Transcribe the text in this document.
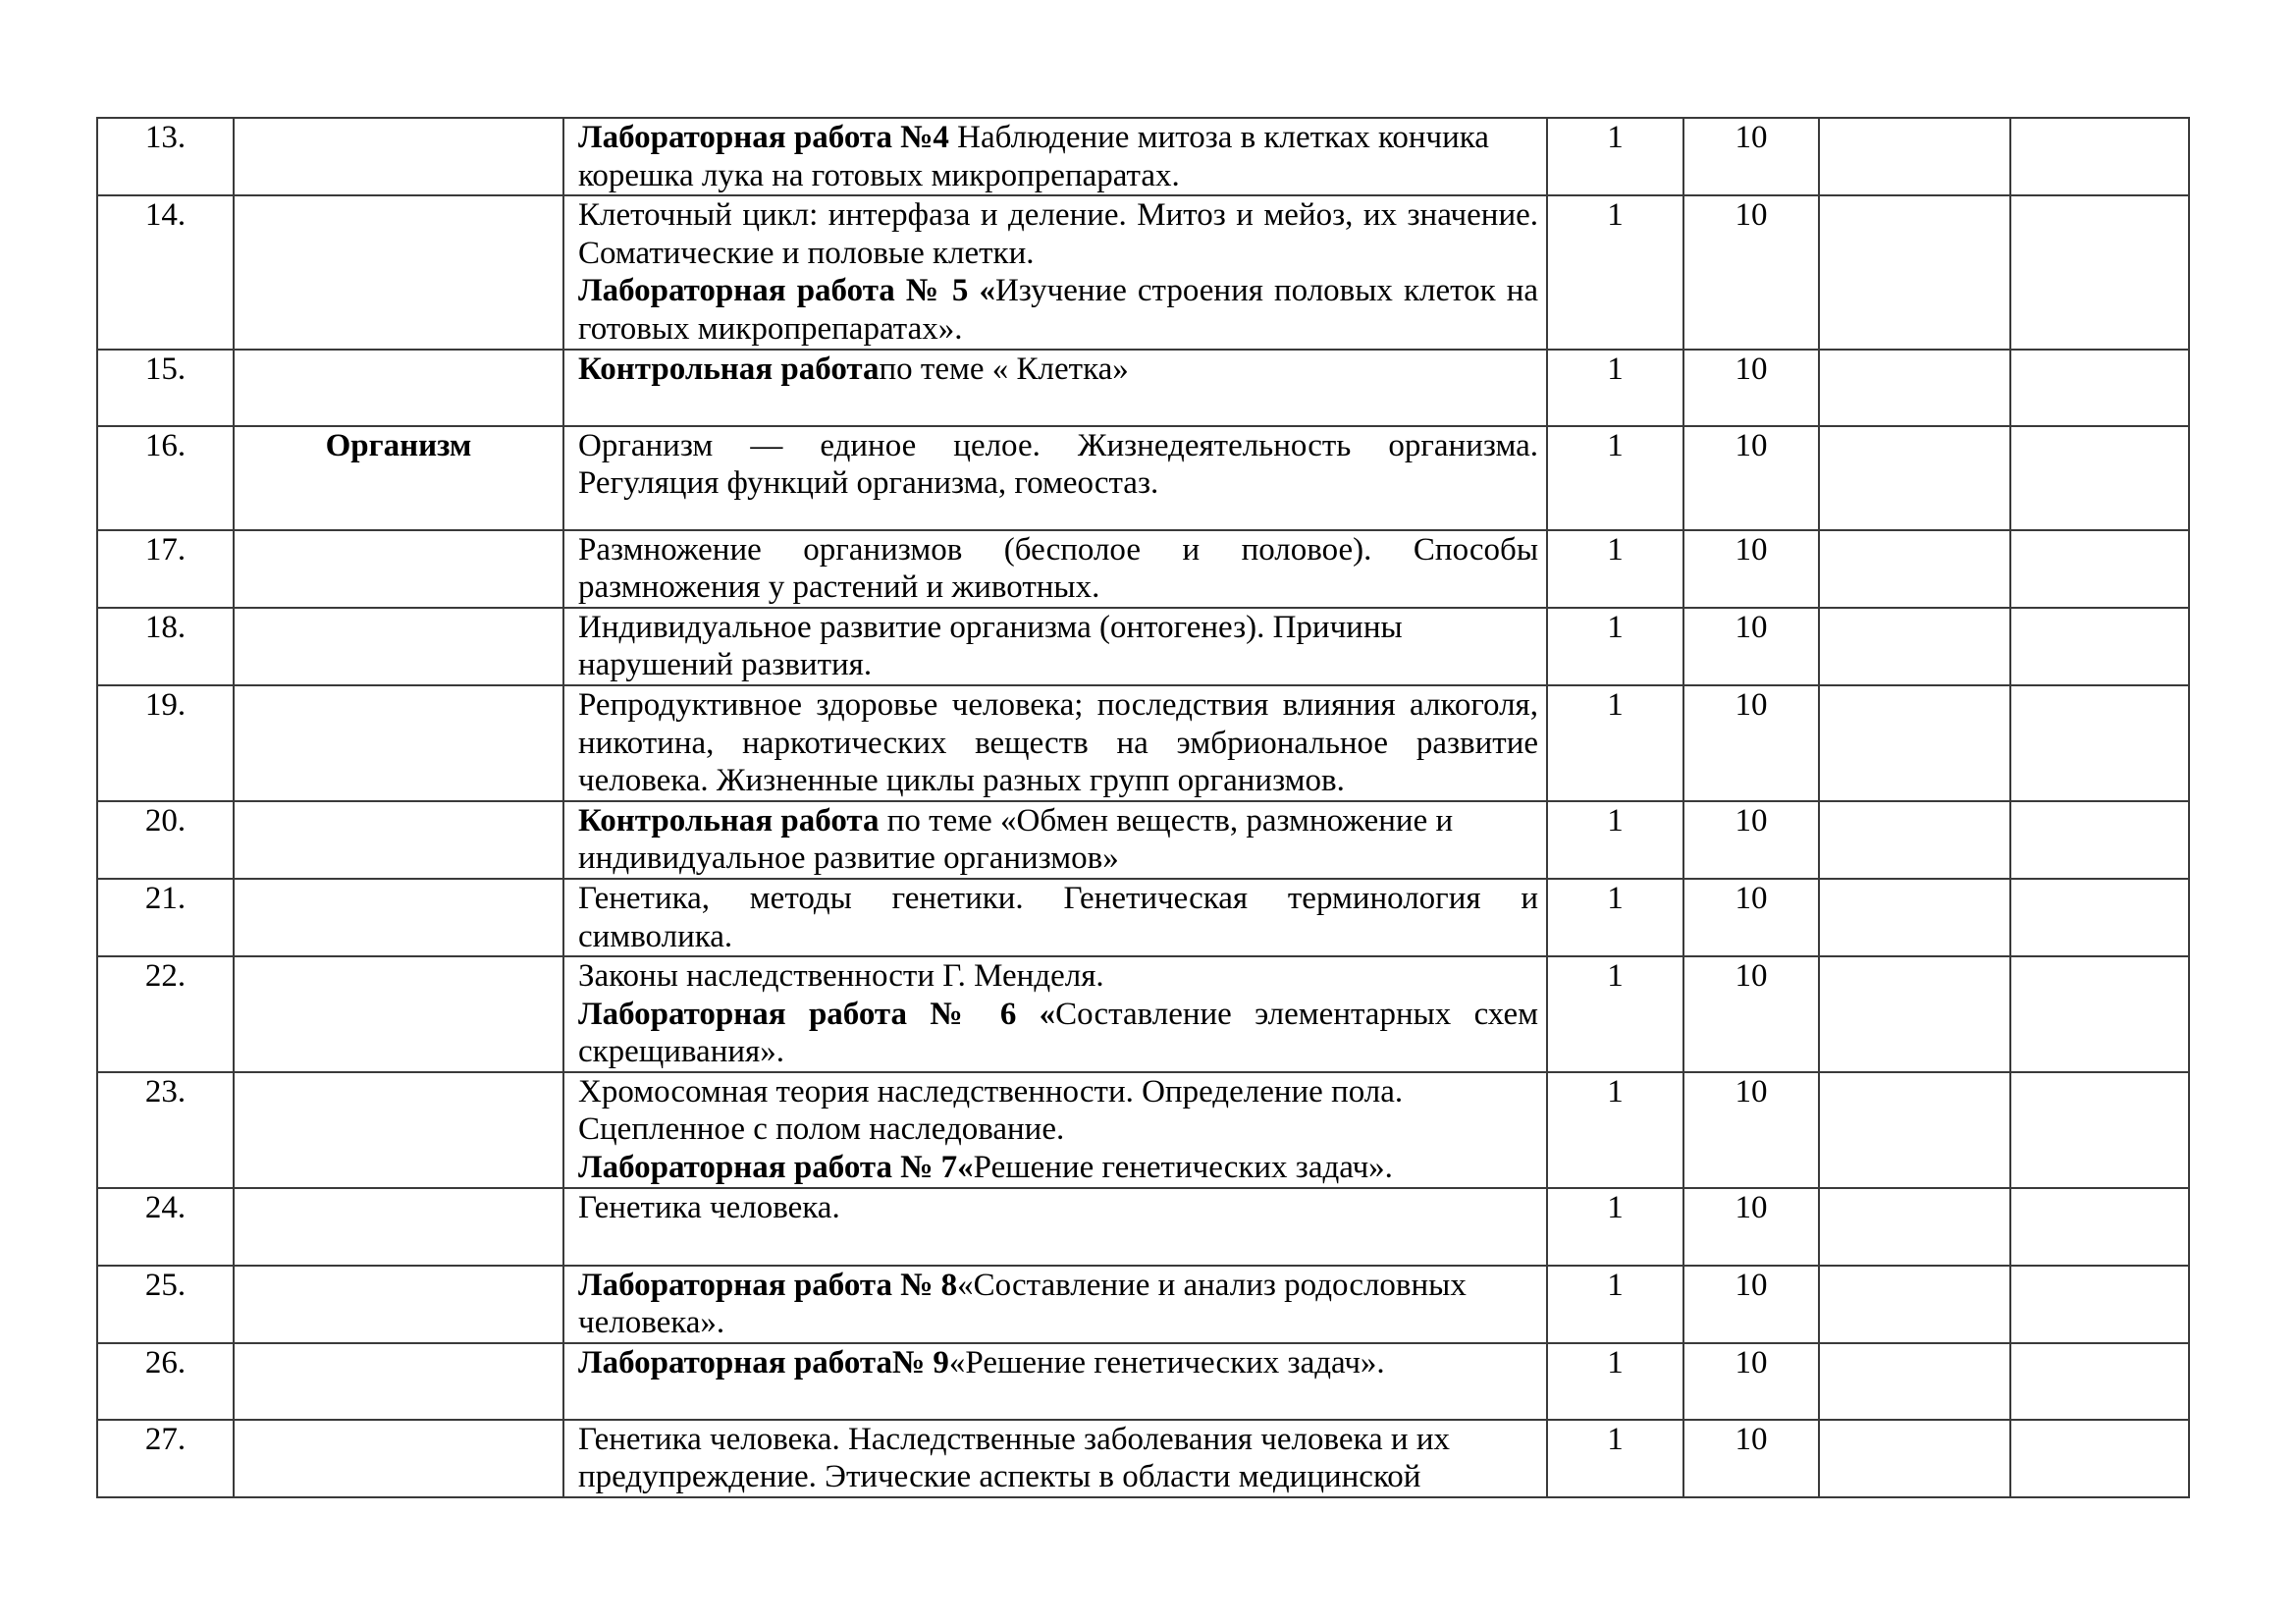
13.		Лабораторная работа №4 Наблюдение митоза в клетках кончика
корешка лука на готовых микропрепаратах.	1	10		
14.		Клеточный цикл: интерфаза и деление. Митоз и мейоз, их значение.
Соматические и половые клетки.
Лабораторная работа № 5 «Изучение строения половых клеток на
готовых микропрепаратах».	1	10		
15.		Контрольная работапо теме « Клетка»	1	10		
16.	Организм	Организм — единое целое. Жизнедеятельность организма.
Регуляция функций организма, гомеостаз.	1	10		
17.		Размножение организмов (бесполое и половое). Способы
размножения у растений и животных.	1	10		
18.		Индивидуальное развитие организма (онтогенез). Причины
нарушений развития.	1	10		
19.		Репродуктивное здоровье человека; последствия влияния алкоголя,
никотина, наркотических веществ на эмбриональное развитие
человека. Жизненные циклы разных групп организмов.	1	10		
20.		Контрольная работа по теме «Обмен веществ, размножение и
индивидуальное развитие организмов»	1	10		
21.		Генетика, методы генетики. Генетическая терминология и
символика.	1	10		
22.		Законы наследственности Г. Менделя.
Лабораторная работа № 6 «Составление элементарных схем
скрещивания».	1	10		
23.		Хромосомная теория наследственности. Определение пола.
Сцепленное с полом наследование.
Лабораторная работа № 7«Решение генетических задач».	1	10		
24.		Генетика человека.	1	10		
25.		Лабораторная работа № 8«Составление и анализ родословных
человека».	1	10		
26.		Лабораторная работа№ 9«Решение генетических задач».	1	10		
27.		Генетика человека. Наследственные заболевания человека и их
предупреждение. Этические аспекты в области медицинской	1	10		
